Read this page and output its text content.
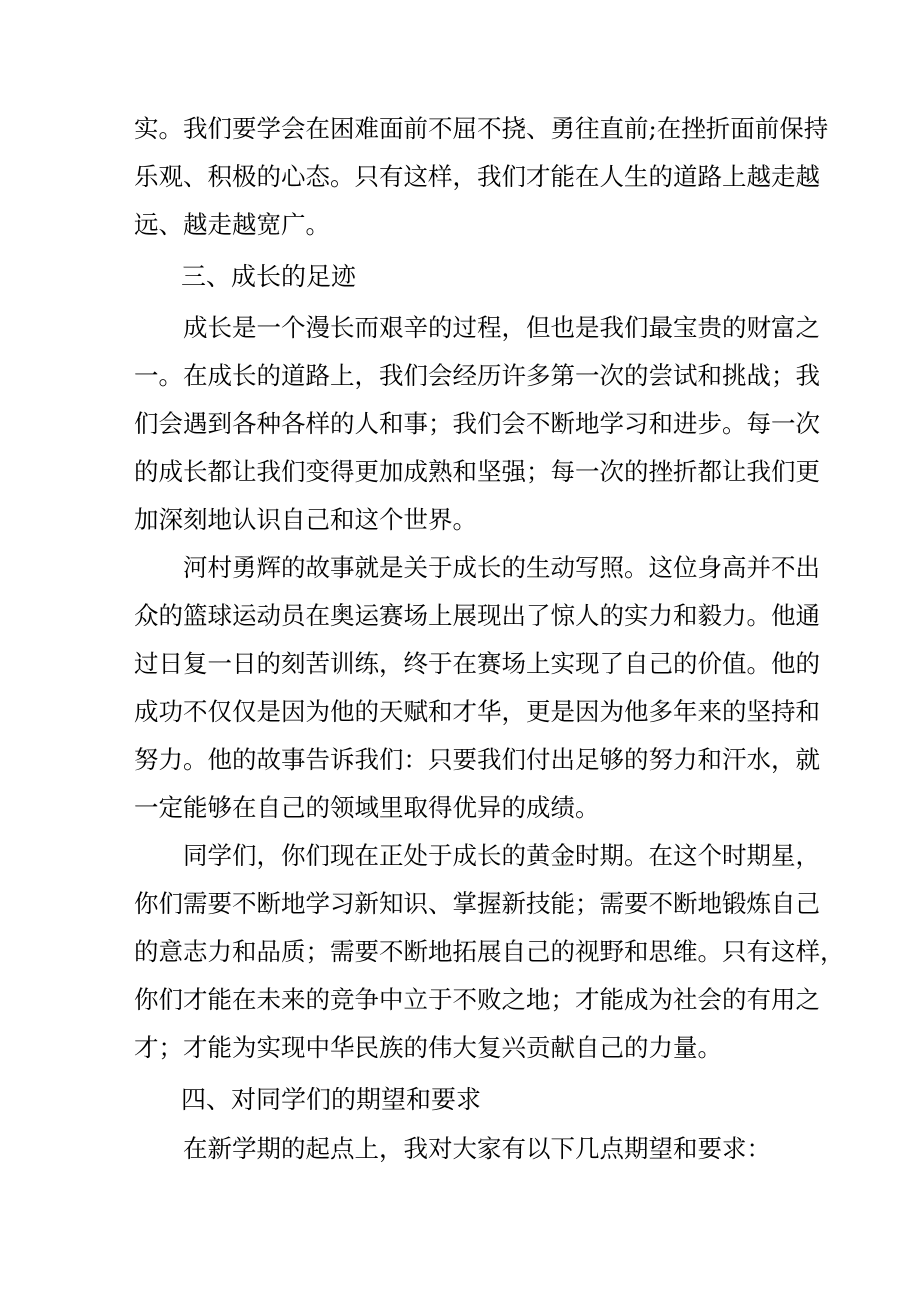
实。我们要学会在困难面前不屈不挠、勇往直前;在挫折面前保持
乐观、积极的心态。只有这样，我们才能在人生的道路上越走越
远、越走越宽广。
三、成长的足迹
成长是一个漫长而艰辛的过程，但也是我们最宝贵的财富之
一。在成长的道路上，我们会经历许多第一次的尝试和挑战；我
们会遇到各种各样的人和事；我们会不断地学习和进步。每一次
的成长都让我们变得更加成熟和坚强；每一次的挫折都让我们更
加深刻地认识自己和这个世界。
河村勇辉的故事就是关于成长的生动写照。这位身高并不出
众的篮球运动员在奥运赛场上展现出了惊人的实力和毅力。他通
过日复一日的刻苦训练，终于在赛场上实现了自己的价值。他的
成功不仅仅是因为他的天赋和才华，更是因为他多年来的坚持和
努力。他的故事告诉我们：只要我们付出足够的努力和汗水，就
一定能够在自己的领域里取得优异的成绩。
同学们，你们现在正处于成长的黄金时期。在这个时期星，
你们需要不断地学习新知识、掌握新技能；需要不断地锻炼自己
的意志力和品质；需要不断地拓展自己的视野和思维。只有这样，
你们才能在未来的竞争中立于不败之地；才能成为社会的有用之
才；才能为实现中华民族的伟大复兴贡献自己的力量。
四、对同学们的期望和要求
在新学期的起点上，我对大家有以下几点期望和要求：
